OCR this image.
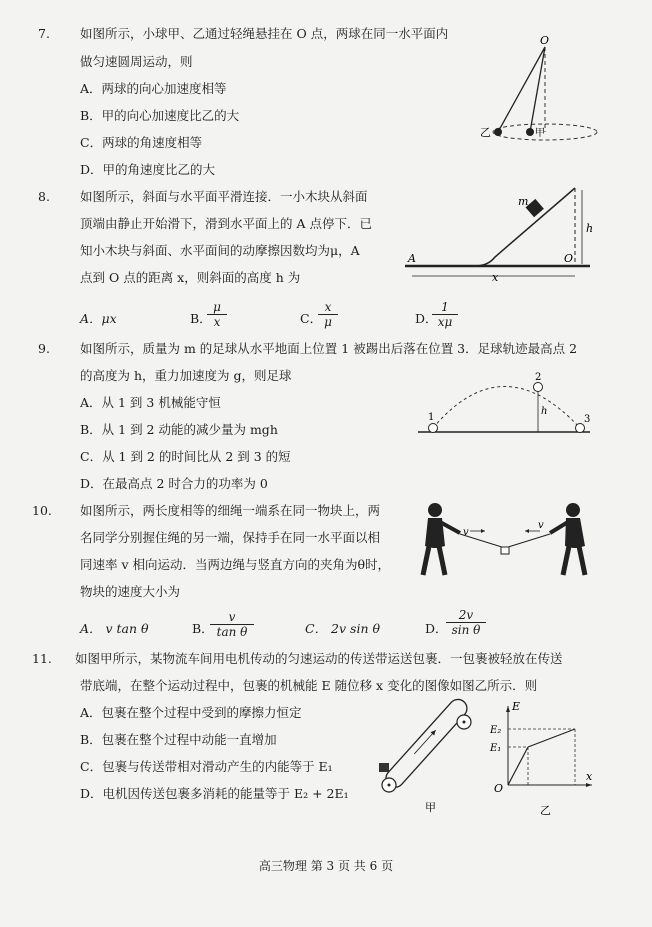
7. 如图所示，小球甲、乙通过轻绳悬挂在 O 点，两球在同一水平面内
做匀速圆周运动，则
A．两球的向心加速度相等
B．甲的向心加速度比乙的大
C．两球的角速度相等
D．甲的角速度比乙的大
O
乙	甲
8. 如图所示，斜面与水平面平滑连接．一小木块从斜面
顶端由静止开始滑下，滑到水平面上的 A 点停下．已
知小木块与斜面、水平面间的动摩擦因数均为μ，A
点到 O 点的距离 x，则斜面的高度 h 为
A．μx	B．
$\frac{\mu}{x}$	C．
$\frac{x}{\mu}$	D．
$\frac{1}{x\mu}$
m
h
A	O
x
9. 如图所示，质量为 m 的足球从水平地面上位置 1 被踢出后落在位置 3．足球轨迹最高点 2
的高度为 h，重力加速度为 g，则足球
A．从 1 到 3 机械能守恒
B．从 1 到 2 动能的减少量为 mgh
C．从 1 到 2 的时间比从 2 到 3 的短
D．在最高点 2 时合力的功率为 0
1
2
3
h
10. 如图所示，两长度相等的细绳一端系在同一物块上，两
名同学分别握住绳的另一端，保持手在同一水平面以相
同速率 v 相向运动．当两边绳与竖直方向的夹角为θ时，
物块的速度大小为
A． v tan θ	B．
$\frac{v}{\text{tan θ}}$	C． 2v sin θ	D．
$\frac{2v}{\text{sin θ}}$
v
v
11. 如图甲所示，某物流车间用电机传动的匀速运动的传送带运送包裹．一包裹被轻放在传送
带底端，在整个运动过程中，包裹的机械能 E 随位移 x 变化的图像如图乙所示．则
A．包裹在整个过程中受到的摩擦力恒定
B．包裹在整个过程中动能一直增加
C．包裹与传送带相对滑动产生的内能等于 E₁
D．电机因传送包裹多消耗的能量等于 E₂ + 2E₁
甲
E
E₂
E₁
O
x
乙
高三物理 第 3 页 共 6 页
